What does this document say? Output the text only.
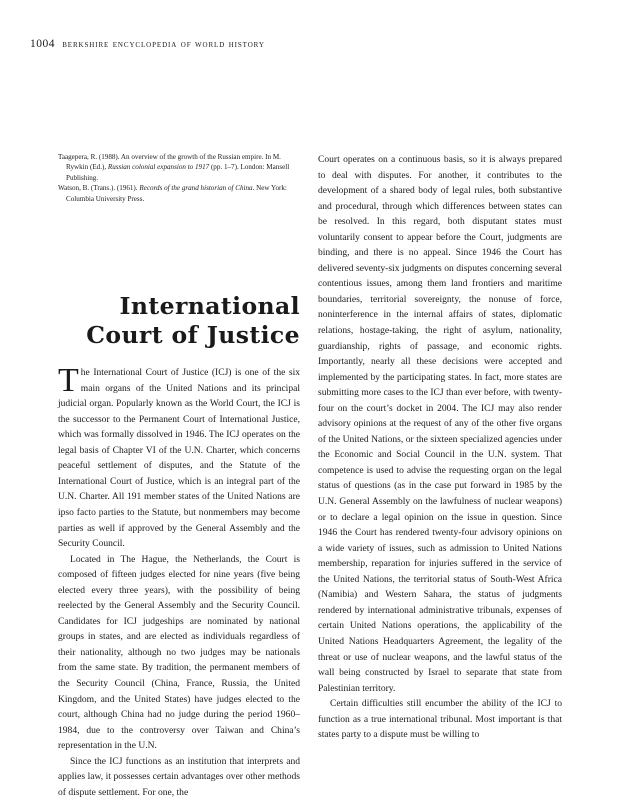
1004 berkshire encyclopedia of world history

Taagepera, R. (1988). An overview of the growth of the Russian empire. In M. Rywkin (Ed.), Russian colonial expansion to 1917 (pp. 1–7). London: Mansell Publishing.

Watson, B. (Trans.). (1961). Records of the grand historian of China. New York: Columbia University Press.

International
Court of Justice

The International Court of Justice (ICJ) is one of the six main organs of the United Nations and its principal judicial organ. Popularly known as the World Court, the ICJ is the successor to the Permanent Court of International Justice, which was formally dissolved in 1946. The ICJ operates on the legal basis of Chapter VI of the U.N. Charter, which concerns peaceful settlement of disputes, and the Statute of the International Court of Justice, which is an integral part of the U.N. Charter. All 191 member states of the United Nations are ipso facto parties to the Statute, but nonmembers may become parties as well if approved by the General Assembly and the Security Council.

Located in The Hague, the Netherlands, the Court is composed of fifteen judges elected for nine years (five being elected every three years), with the possibility of being reelected by the General Assembly and the Security Council. Candidates for ICJ judgeships are nominated by national groups in states, and are elected as individuals regardless of their nationality, although no two judges may be nationals from the same state. By tradition, the permanent members of the Security Council (China, France, Russia, the United Kingdom, and the United States) have judges elected to the court, although China had no judge during the period 1960–1984, due to the controversy over Taiwan and China’s representation in the U.N.

Since the ICJ functions as an institution that interprets and applies law, it possesses certain advantages over other methods of dispute settlement. For one, the

Court operates on a continuous basis, so it is always prepared to deal with disputes. For another, it contributes to the development of a shared body of legal rules, both substantive and procedural, through which differences between states can be resolved. In this regard, both disputant states must voluntarily consent to appear before the Court, judgments are binding, and there is no appeal. Since 1946 the Court has delivered seventy-six judgments on disputes concerning several contentious issues, among them land frontiers and maritime boundaries, territorial sovereignty, the nonuse of force, noninterference in the internal affairs of states, diplomatic relations, hostage-taking, the right of asylum, nationality, guardianship, rights of passage, and economic rights. Importantly, nearly all these decisions were accepted and implemented by the participating states. In fact, more states are submitting more cases to the ICJ than ever before, with twenty-four on the court’s docket in 2004. The ICJ may also render advisory opinions at the request of any of the other five organs of the United Nations, or the sixteen specialized agencies under the Economic and Social Council in the U.N. system. That competence is used to advise the requesting organ on the legal status of questions (as in the case put forward in 1985 by the U.N. General Assembly on the lawfulness of nuclear weapons) or to declare a legal opinion on the issue in question. Since 1946 the Court has rendered twenty-four advisory opinions on a wide variety of issues, such as admission to United Nations membership, reparation for injuries suffered in the service of the United Nations, the territorial status of South-West Africa (Namibia) and Western Sahara, the status of judgments rendered by international administrative tribunals, expenses of certain United Nations operations, the applicability of the United Nations Headquarters Agreement, the legality of the threat or use of nuclear weapons, and the lawful status of the wall being constructed by Israel to separate that state from Palestinian territory.

Certain difficulties still encumber the ability of the ICJ to function as a true international tribunal. Most important is that states party to a dispute must be willing to
